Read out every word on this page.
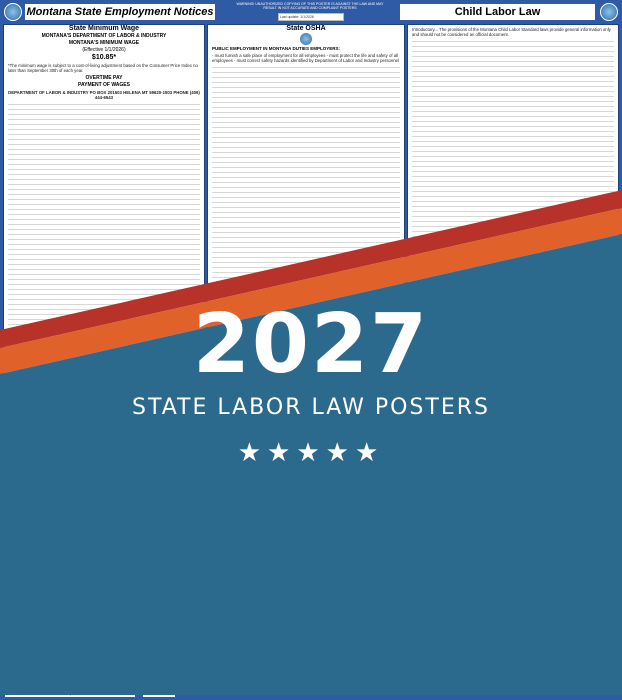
Montana State Employment Notices
WARNING! UNAUTHORIZED COPYING OF THIS POSTER IS AGAINST THE LAW AND MAY RESULT IN NOT ACCURATE AND COMPLIANT POSTERS
Last update: 1/1/2026	Child Labor Law
State Minimum Wage
MONTANA'S DEPARTMENT OF LABOR & INDUSTRY
MONTANA'S MINIMUM WAGE
(Effective 1/1/2026)
$10.85*
*The minimum wage is subject to a cost-of-living adjustment based on the Consumer Price Index no later than September 30th of each year.
OVERTIME PAY
PAYMENT OF WAGES
DEPARTMENT OF LABOR & INDUSTRY PO BOX 201503 HELENA MT 59620-1503 PHONE (406) 444-6543
State OSHA
PUBLIC EMPLOYMENT IN MONTANA DUTIES EMPLOYERS:
- must furnish a safe place of employment for all employees - must protect the life and safety of all employees - must correct safety hazards identified by Department of Labor and Industry personnel
Introductory... The provisions of the Montana Child Labor Standard laws provide general information only and should not be considered an official document.
2027
STATE LABOR LAW POSTERS
★★★★★
